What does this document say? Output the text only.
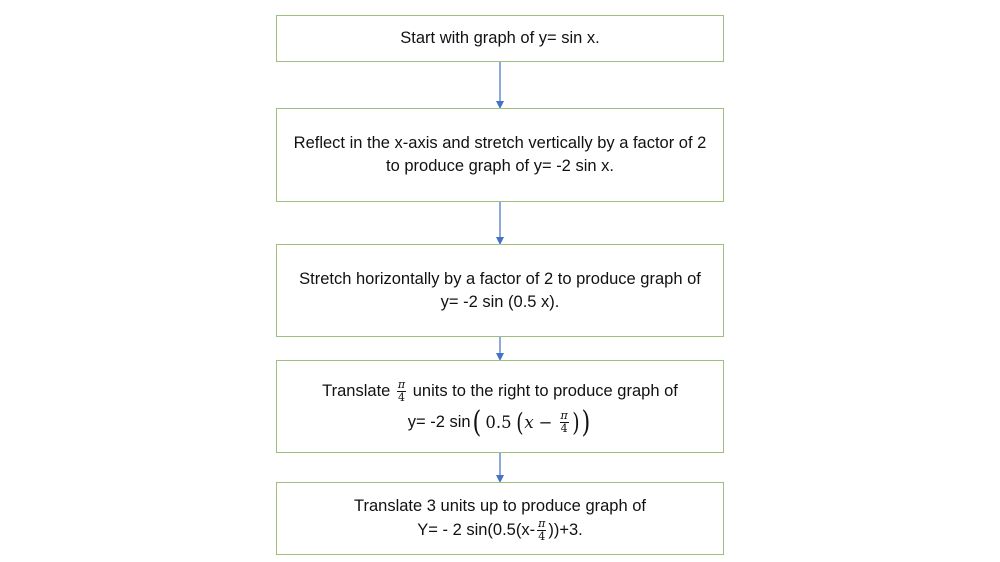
Start with graph of y= sin x.
Reflect in the x-axis and stretch vertically by a factor of 2
to produce graph of y= -2 sin x.
Stretch horizontally by a factor of 2 to produce graph of
y= -2 sin (0.5 x).
Translate $\frac{\pi}{4}$ units to the right to produce graph of
y= -2 sin ( 0.5 ( $x - \frac{\pi}{4}$ ) )
Translate 3 units up to produce graph of
Y= - 2 $\sin(0.5(x- \frac{\pi}{4} ))+3$.
